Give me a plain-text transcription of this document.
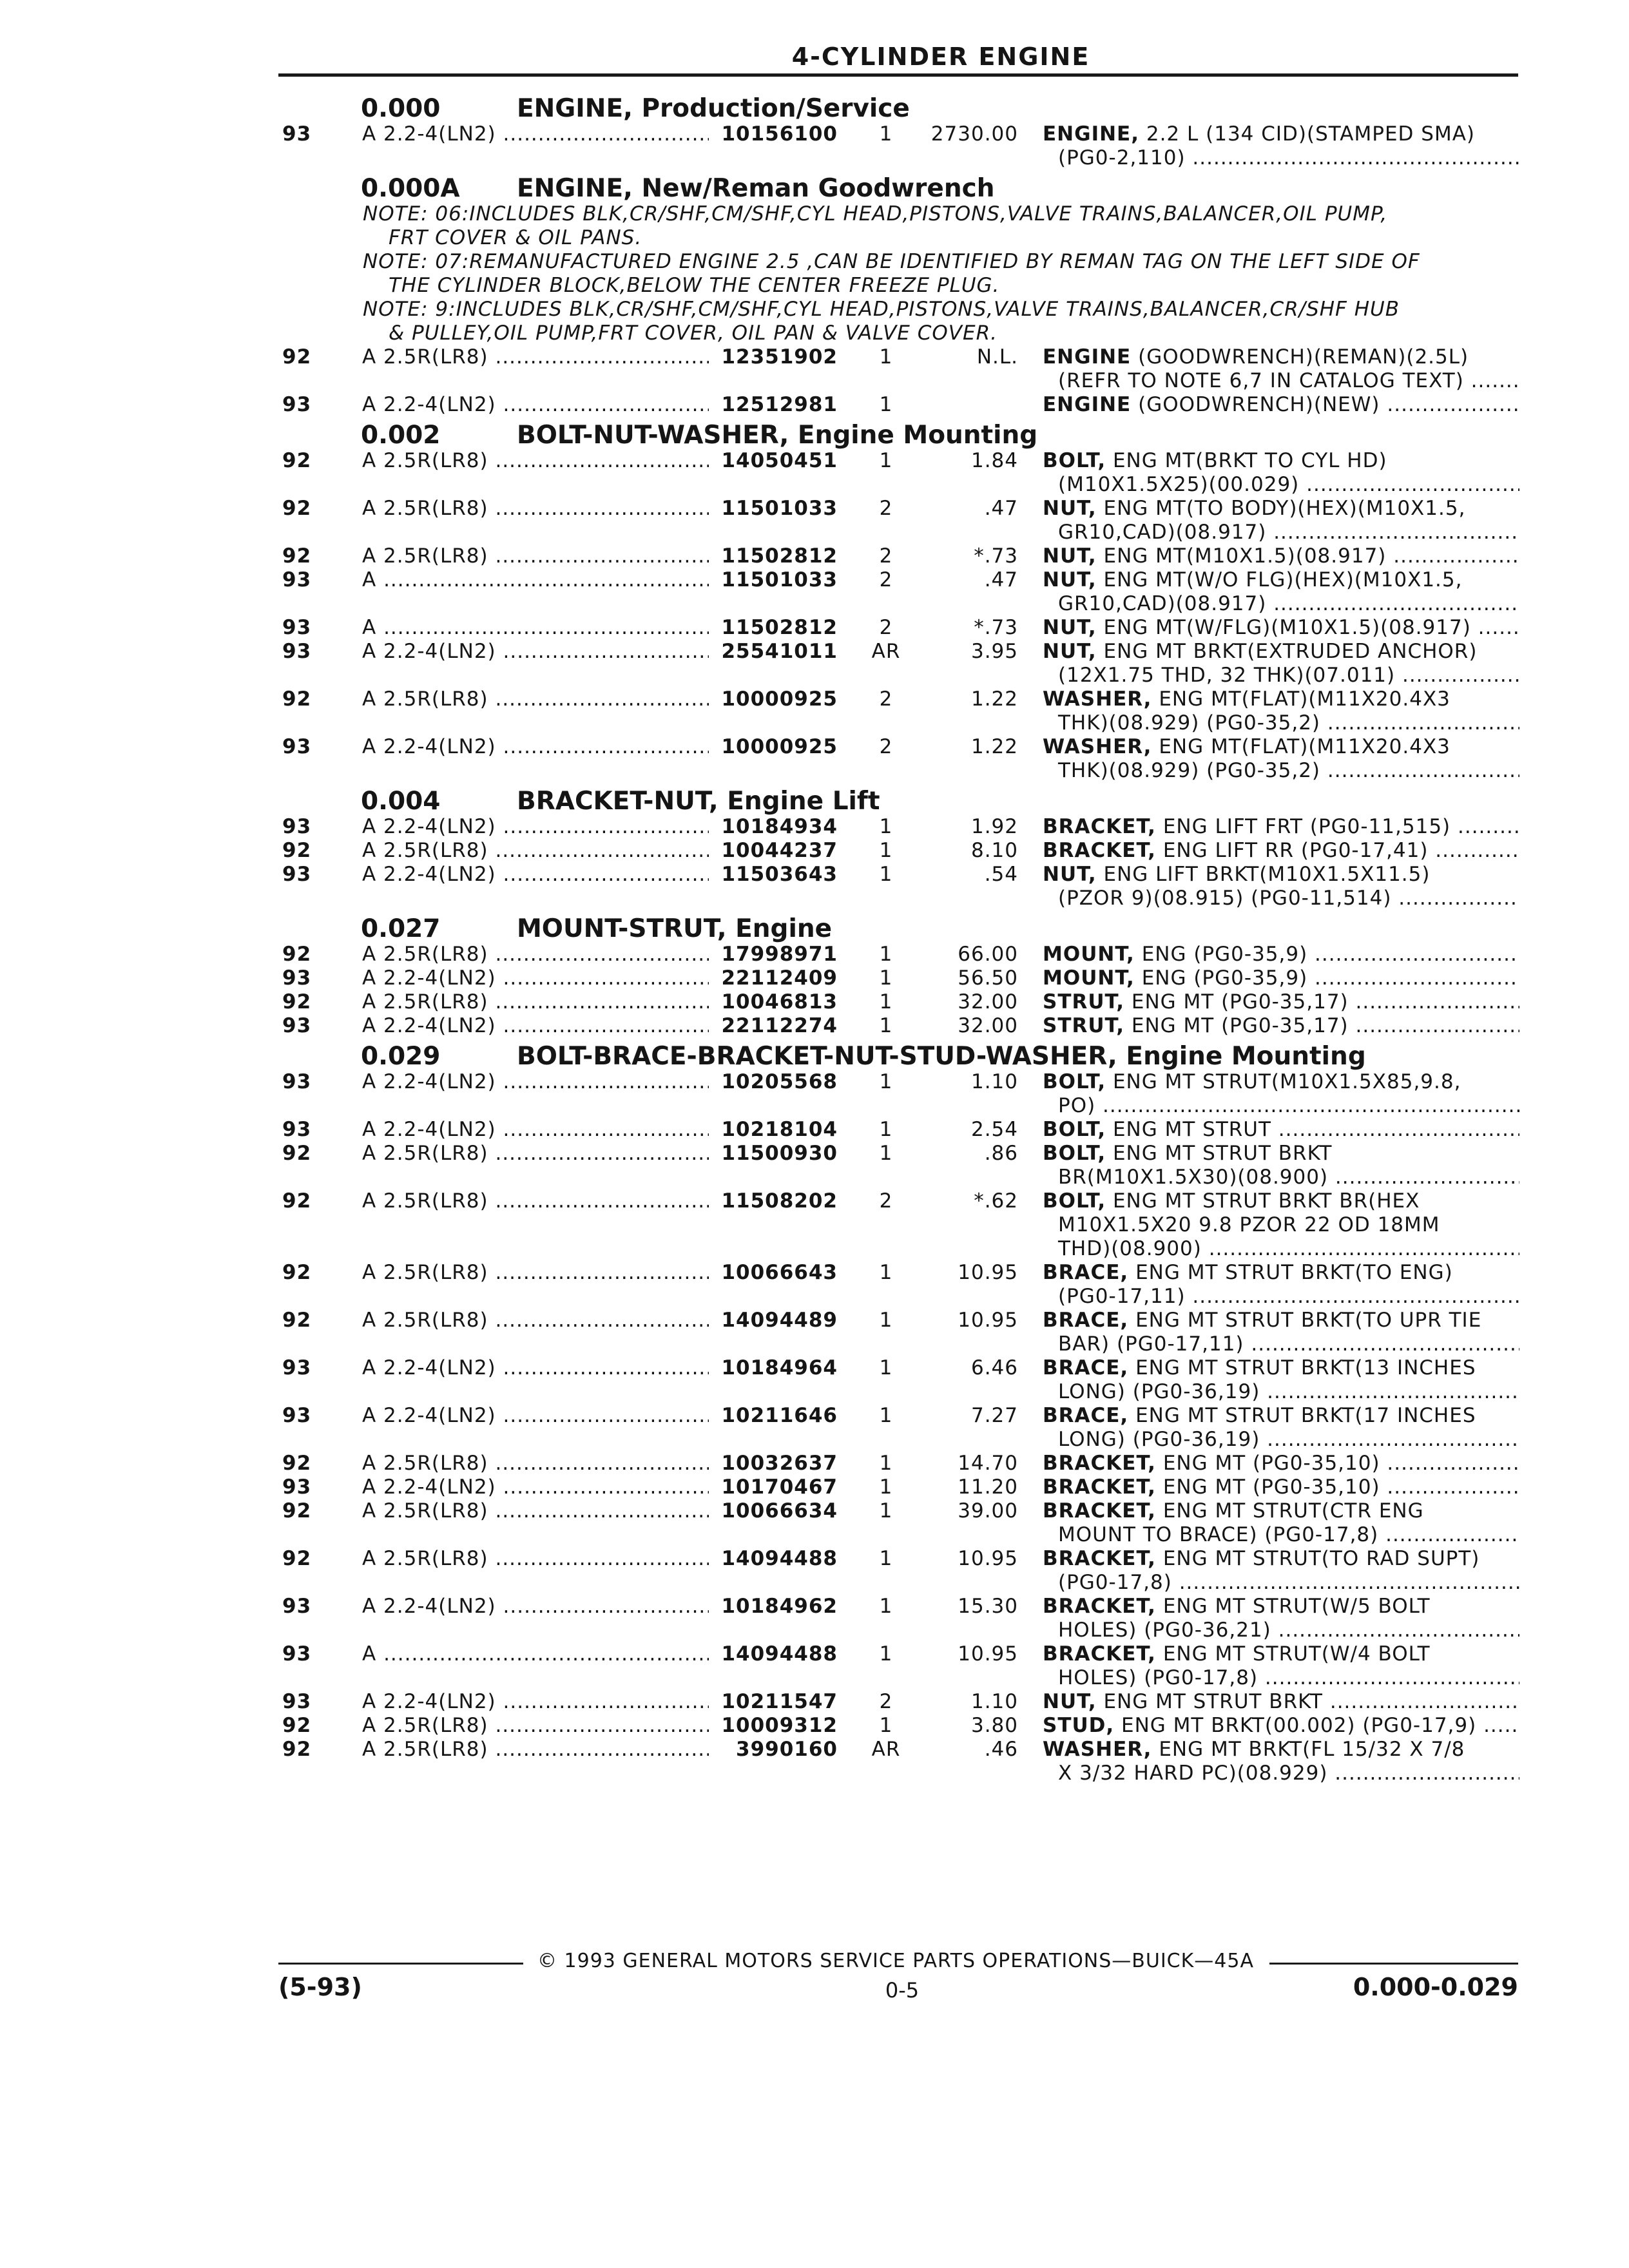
4-CYLINDER ENGINE
0.000	ENGINE, Production/Service
93	A 2.2-4(LN2) .....	10156100	1	2730.00 ENGINE, 2.2 L (134 CID)(STAMPED SMA)
(PG0-2,110) .....
0.000A ENGINE, New/Reman Goodwrench
NOTE: 06:INCLUDES BLK,CR/SHF,CM/SHF,CYL HEAD,PISTONS,VALVE TRAINS,BALANCER,OIL PUMP,
FRT COVER & OIL PANS.
NOTE: 07:REMANUFACTURED ENGINE 2.5 ,CAN BE IDENTIFIED BY REMAN TAG ON THE LEFT SIDE OF
THE CYLINDER BLOCK,BELOW THE CENTER FREEZE PLUG.
NOTE: 9:INCLUDES BLK,CR/SHF,CM/SHF,CYL HEAD,PISTONS,VALVE TRAINS,BALANCER,CR/SHF HUB
& PULLEY,OIL PUMP,FRT COVER, OIL PAN & VALVE COVER.
92	A 2.5R(LR8) .....	12351902	1	N.L. ENGINE (GOODWRENCH)(REMAN)(2.5L)
(REFR TO NOTE 6,7 IN CATALOG TEXT) .....
93	A 2.2-4(LN2) .....	12512981	1	ENGINE (GOODWRENCH)(NEW) .....
0.002	BOLT-NUT-WASHER, Engine Mounting
92	A 2.5R(LR8) .....	14050451	1	1.84 BOLT, ENG MT(BRKT TO CYL HD)
(M10X1.5X25)(00.029) .....
92	A 2.5R(LR8) .....	11501033	2	.47 NUT, ENG MT(TO BODY)(HEX)(M10X1.5,
GR10,CAD)(08.917) .....
92	A 2.5R(LR8) .....	11502812	2	*.73 NUT, ENG MT(M10X1.5)(08.917) .....
93	A .....	11501033	2	.47 NUT, ENG MT(W/O FLG)(HEX)(M10X1.5,
GR10,CAD)(08.917) .....
93	A .....	11502812	2	*.73 NUT, ENG MT(W/FLG)(M10X1.5)(08.917) .....
93	A 2.2-4(LN2) .....	25541011	AR	3.95 NUT, ENG MT BRKT(EXTRUDED ANCHOR)
(12X1.75 THD, 32 THK)(07.011) .....
92	A 2.5R(LR8) .....	10000925	2	1.22 WASHER, ENG MT(FLAT)(M11X20.4X3
THK)(08.929) (PG0-35,2) .....
93	A 2.2-4(LN2) .....	10000925	2	1.22 WASHER, ENG MT(FLAT)(M11X20.4X3
THK)(08.929) (PG0-35,2) .....
0.004	BRACKET-NUT, Engine Lift
93	A 2.2-4(LN2) .....	10184934	1	1.92 BRACKET, ENG LIFT FRT (PG0-11,515) .....
92	A 2.5R(LR8) .....	10044237	1	8.10 BRACKET, ENG LIFT RR (PG0-17,41) .....
93	A 2.2-4(LN2) .....	11503643	1	.54 NUT, ENG LIFT BRKT(M10X1.5X11.5)
(PZOR 9)(08.915) (PG0-11,514) .....
0.027	MOUNT-STRUT, Engine
92	A 2.5R(LR8) .....	17998971	1	66.00 MOUNT, ENG (PG0-35,9) .....
93	A 2.2-4(LN2) .....	22112409	1	56.50 MOUNT, ENG (PG0-35,9) .....
92	A 2.5R(LR8) .....	10046813	1	32.00 STRUT, ENG MT (PG0-35,17) .....
93	A 2.2-4(LN2) .....	22112274	1	32.00 STRUT, ENG MT (PG0-35,17) .....
0.029	BOLT-BRACE-BRACKET-NUT-STUD-WASHER, Engine Mounting
93	A 2.2-4(LN2) .....	10205568	1	1.10 BOLT, ENG MT STRUT(M10X1.5X85,9.8,
PO) .....
93	A 2.2-4(LN2) .....	10218104	1	2.54 BOLT, ENG MT STRUT .....
92	A 2.5R(LR8) .....	11500930	1	.86 BOLT, ENG MT STRUT BRKT
BR(M10X1.5X30)(08.900) .....
92	A 2.5R(LR8) .....	11508202	2	*.62 BOLT, ENG MT STRUT BRKT BR(HEX
M10X1.5X20 9.8 PZOR 22 OD 18MM
THD)(08.900) .....
92	A 2.5R(LR8) .....	10066643	1	10.95 BRACE, ENG MT STRUT BRKT(TO ENG)
(PG0-17,11) .....
92	A 2.5R(LR8) .....	14094489	1	10.95 BRACE, ENG MT STRUT BRKT(TO UPR TIE
BAR) (PG0-17,11) .....
93	A 2.2-4(LN2) .....	10184964	1	6.46 BRACE, ENG MT STRUT BRKT(13 INCHES
LONG) (PG0-36,19) .....
93	A 2.2-4(LN2) .....	10211646	1	7.27 BRACE, ENG MT STRUT BRKT(17 INCHES
LONG) (PG0-36,19) .....
92	A 2.5R(LR8) .....	10032637	1	14.70 BRACKET, ENG MT (PG0-35,10) .....
93	A 2.2-4(LN2) .....	10170467	1	11.20 BRACKET, ENG MT (PG0-35,10) .....
92	A 2.5R(LR8) .....	10066634	1	39.00 BRACKET, ENG MT STRUT(CTR ENG
MOUNT TO BRACE) (PG0-17,8) .....
92	A 2.5R(LR8) .....	14094488	1	10.95 BRACKET, ENG MT STRUT(TO RAD SUPT)
(PG0-17,8) .....
93	A 2.2-4(LN2) .....	10184962	1	15.30 BRACKET, ENG MT STRUT(W/5 BOLT
HOLES) (PG0-36,21) .....
93	A .....	14094488	1	10.95 BRACKET, ENG MT STRUT(W/4 BOLT
HOLES) (PG0-17,8) .....
93	A 2.2-4(LN2) .....	10211547	2	1.10 NUT, ENG MT STRUT BRKT .....
92	A 2.5R(LR8) .....	10009312	1	3.80 STUD, ENG MT BRKT(00.002) (PG0-17,9) .....
92	A 2.5R(LR8) .....	3990160	AR	.46 WASHER, ENG MT BRKT(FL 15/32 X 7/8
X 3/32 HARD PC)(08.929) .....
© 1993 GENERAL MOTORS SERVICE PARTS OPERATIONS—BUICK—45A
(5-93)	0-5	0.000-0.029
